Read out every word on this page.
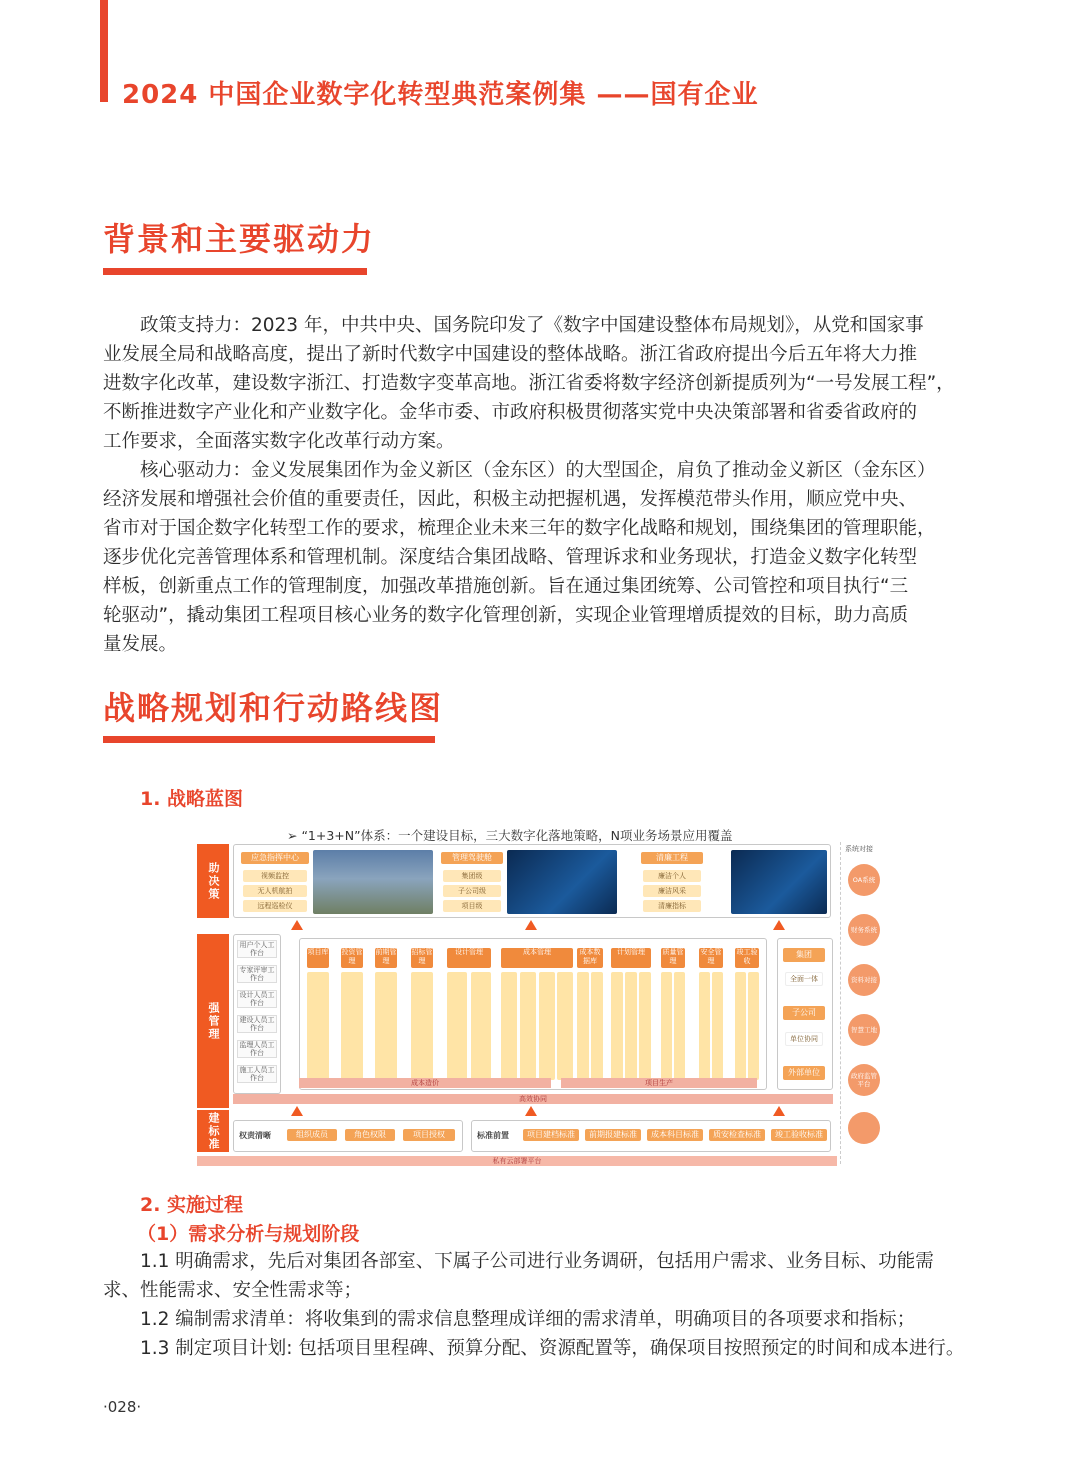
2024 中国企业数字化转型典范案例集 ——国有企业
背景和主要驱动力
政策支持力：2023 年，中共中央、国务院印发了《数字中国建设整体布局规划》，从党和国家事
业发展全局和战略高度，提出了新时代数字中国建设的整体战略。浙江省政府提出今后五年将大力推
进数字化改革，建设数字浙江、打造数字变革高地。浙江省委将数字经济创新提质列为“一号发展工程”，
不断推进数字产业化和产业数字化。金华市委、市政府积极贯彻落实党中央决策部署和省委省政府的
工作要求，全面落实数字化改革行动方案。
核心驱动力：金义发展集团作为金义新区（金东区）的大型国企，肩负了推动金义新区（金东区）
经济发展和增强社会价值的重要责任，因此，积极主动把握机遇，发挥模范带头作用，顺应党中央、
省市对于国企数字化转型工作的要求，梳理企业未来三年的数字化战略和规划，围绕集团的管理职能，
逐步优化完善管理体系和管理机制。深度结合集团战略、管理诉求和业务现状，打造金义数字化转型
样板，创新重点工作的管理制度，加强改革措施创新。旨在通过集团统筹、公司管控和项目执行“三
轮驱动”，撬动集团工程项目核心业务的数字化管理创新，实现企业管理增质提效的目标，助力高质
量发展。
战略规划和行动路线图
1. 战略蓝图
➢ “1+3+N”体系：一个建设目标，三大数字化落地策略，N项业务场景应用覆盖
助决策
强管理
建标准
应急指挥中心
视频监控
无人机航拍
远程巡检仪
管理驾驶舱
集团级
子公司级
项目级
清廉工程
廉洁个人
廉洁风采
清廉指标
用户个人工作台
专家评审工作台
设计人员工作台
建设人员工作台
监理人员工作台
施工人员工作台
项目库 投资管理
前期管理
招标管理
设计管理	成本管理	成本数据库
计划管理	质量管理
安全管理
竣工验收
集团
全面一体
子公司
单位协同
外部单位
成本造价	项目生产
高效协同
权责清晰	组织成员	角色权限	项目授权	标准前置	项目建档标准	前期报建标准	成本科目标准	质安检查标准	竣工验收标准
私有云部署平台
系统对接
OA系统
财务系统
资料对接
智慧工地
政府监管平台
2. 实施过程
（1）需求分析与规划阶段
1.1 明确需求，先后对集团各部室、下属子公司进行业务调研，包括用户需求、业务目标、功能需
求、性能需求、安全性需求等；
1.2 编制需求清单：将收集到的需求信息整理成详细的需求清单，明确项目的各项要求和指标；
1.3 制定项目计划: 包括项目里程碑、预算分配、资源配置等，确保项目按照预定的时间和成本进行。
·028·
